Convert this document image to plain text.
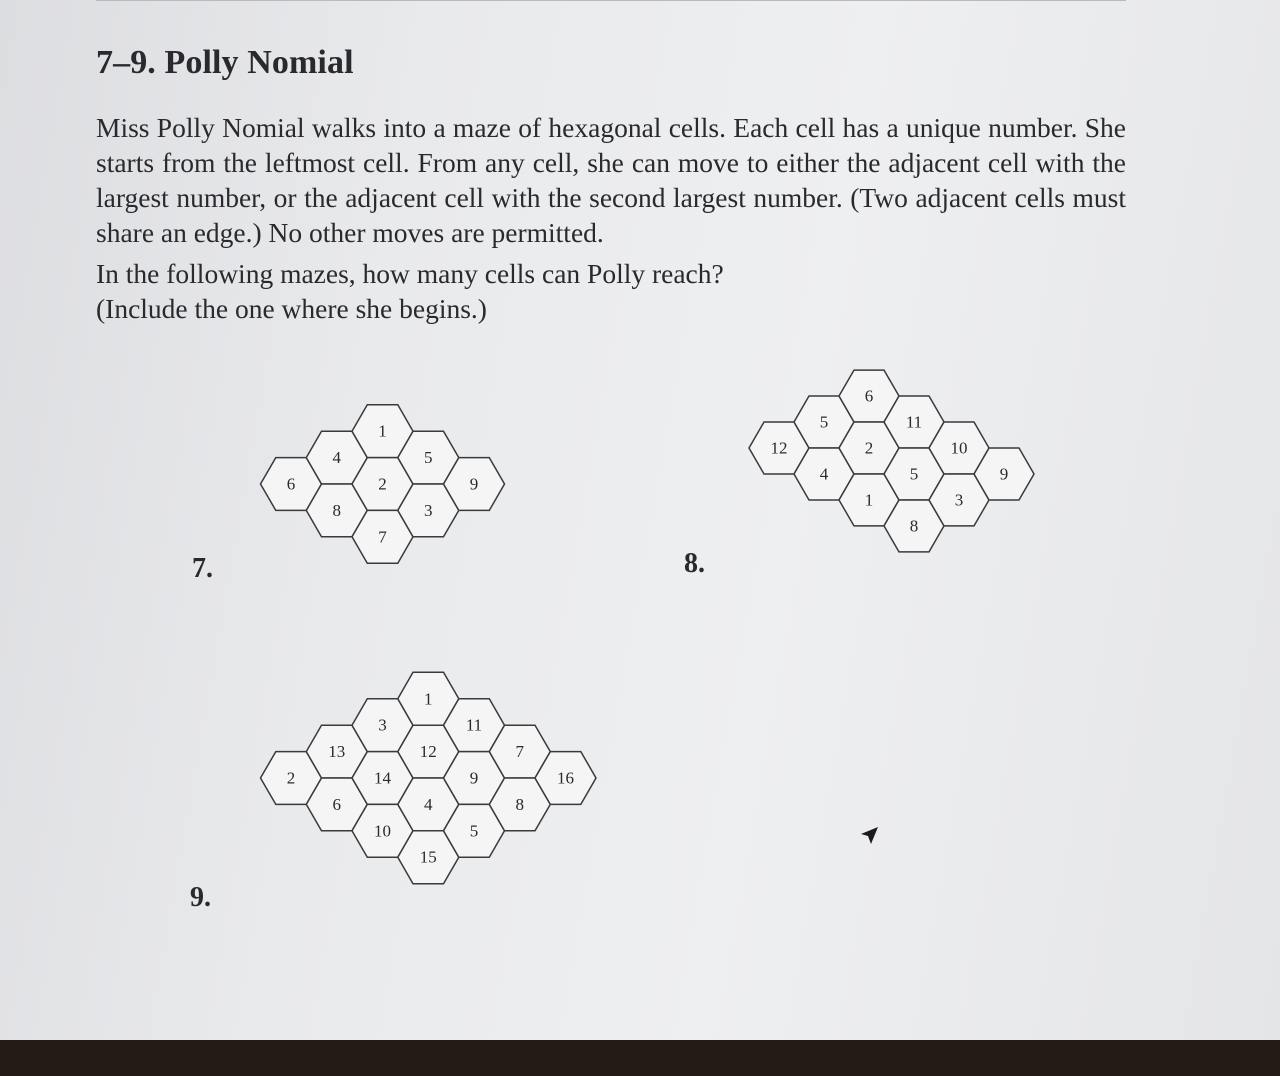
7–9. Polly Nomial

Miss Polly Nomial walks into a maze of hexagonal cells. Each cell has a unique number. She starts from the leftmost cell. From any cell, she can move to either the adjacent cell with the largest number, or the adjacent cell with the second largest number. (Two adjacent cells must share an edge.) No other moves are permitted.

In the following mazes, how many cells can Polly reach?
(Include the one where she begins.)

7.	8.
9.
6
4
8
1
2
7
5
3
9
12
5
4
6
2
1
11
5
8
10
3
9
2
13
6
3
14
10
1
12
4
15
11
9
5
7
8
16
